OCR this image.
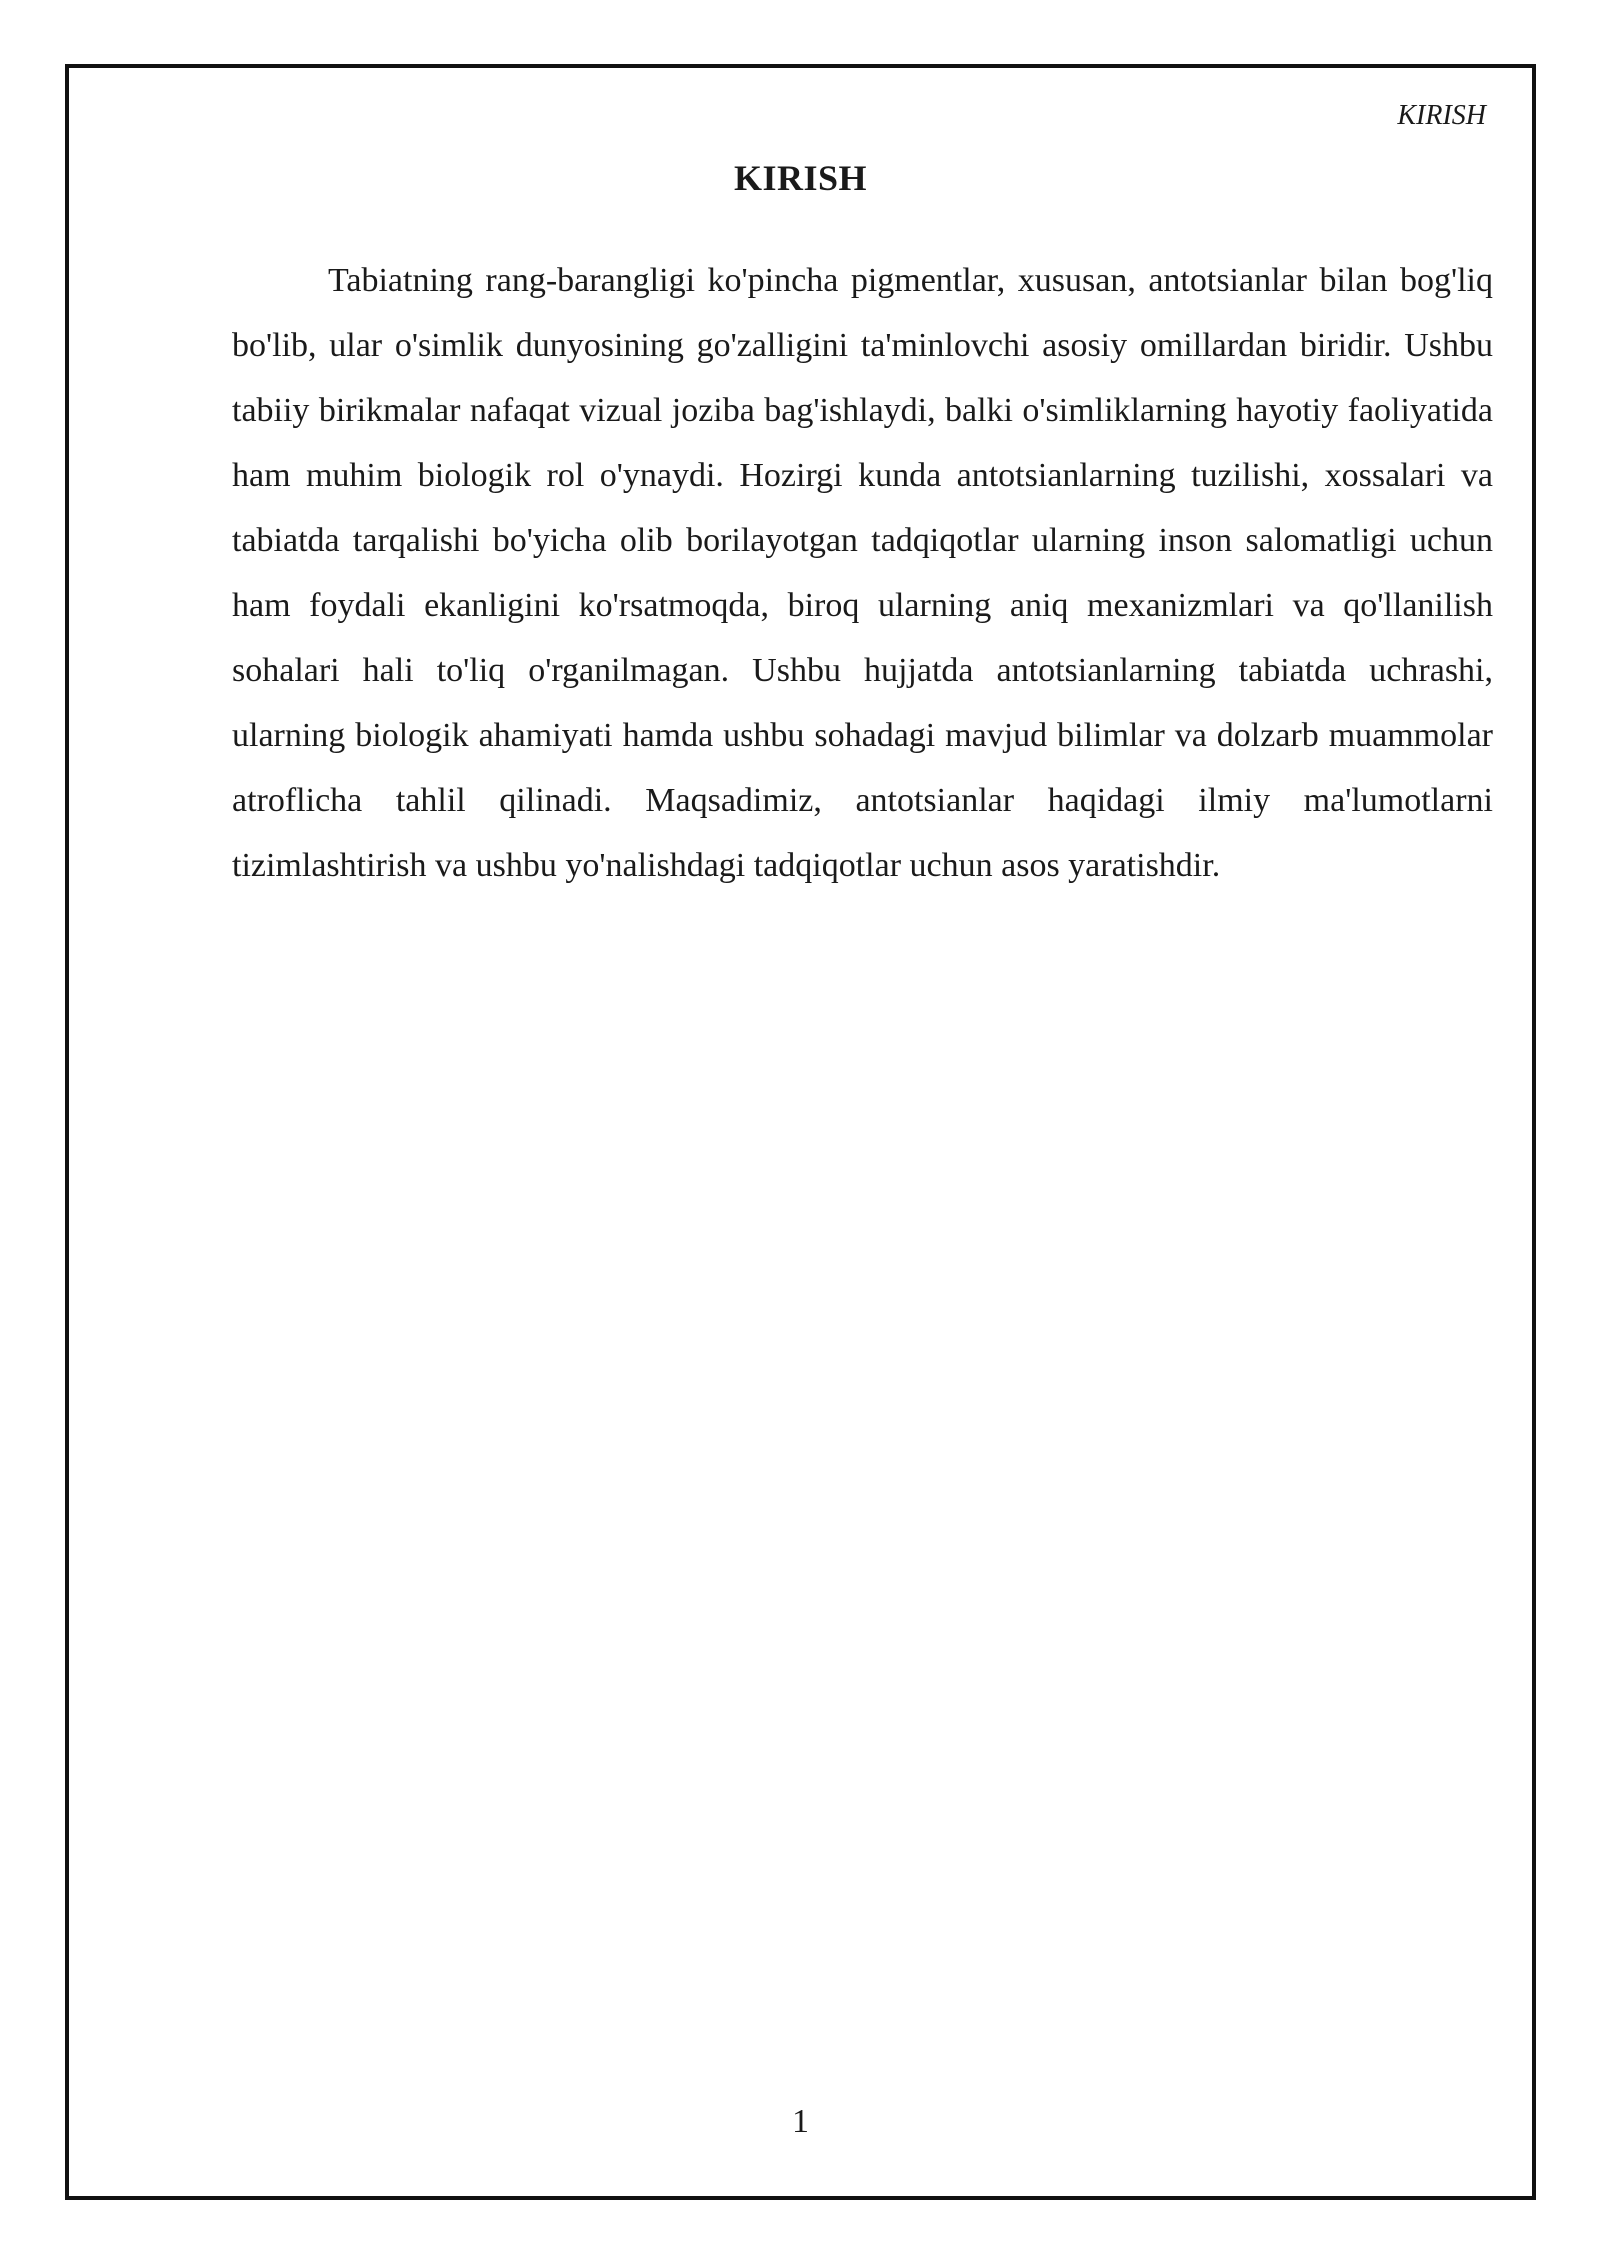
KIRISH
KIRISH

Tabiatning rang-barangligi ko'pincha pigmentlar, xususan, antotsianlar bilan bog'liq bo'lib, ular o'simlik dunyosining go'zalligini ta'minlovchi asosiy omillardan biridir. Ushbu tabiiy birikmalar nafaqat vizual joziba bag'ishlaydi, balki o'simliklarning hayotiy faoliyatida ham muhim biologik rol o'ynaydi. Hozirgi kunda antotsianlarning tuzilishi, xossalari va tabiatda tarqalishi bo'yicha olib borilayotgan tadqiqotlar ularning inson salomatligi uchun ham foydali ekanligini ko'rsatmoqda, biroq ularning aniq mexanizmlari va qo'llanilish sohalari hali to'liq o'rganilmagan. Ushbu hujjatda antotsianlarning tabiatda uchrashi, ularning biologik ahamiyati hamda ushbu sohadagi mavjud bilimlar va dolzarb muammolar atroflicha tahlil qilinadi. Maqsadimiz, antotsianlar haqidagi ilmiy ma'lumotlarni tizimlashtirish va ushbu yo'nalishdagi tadqiqotlar uchun asos yaratishdir.

1
